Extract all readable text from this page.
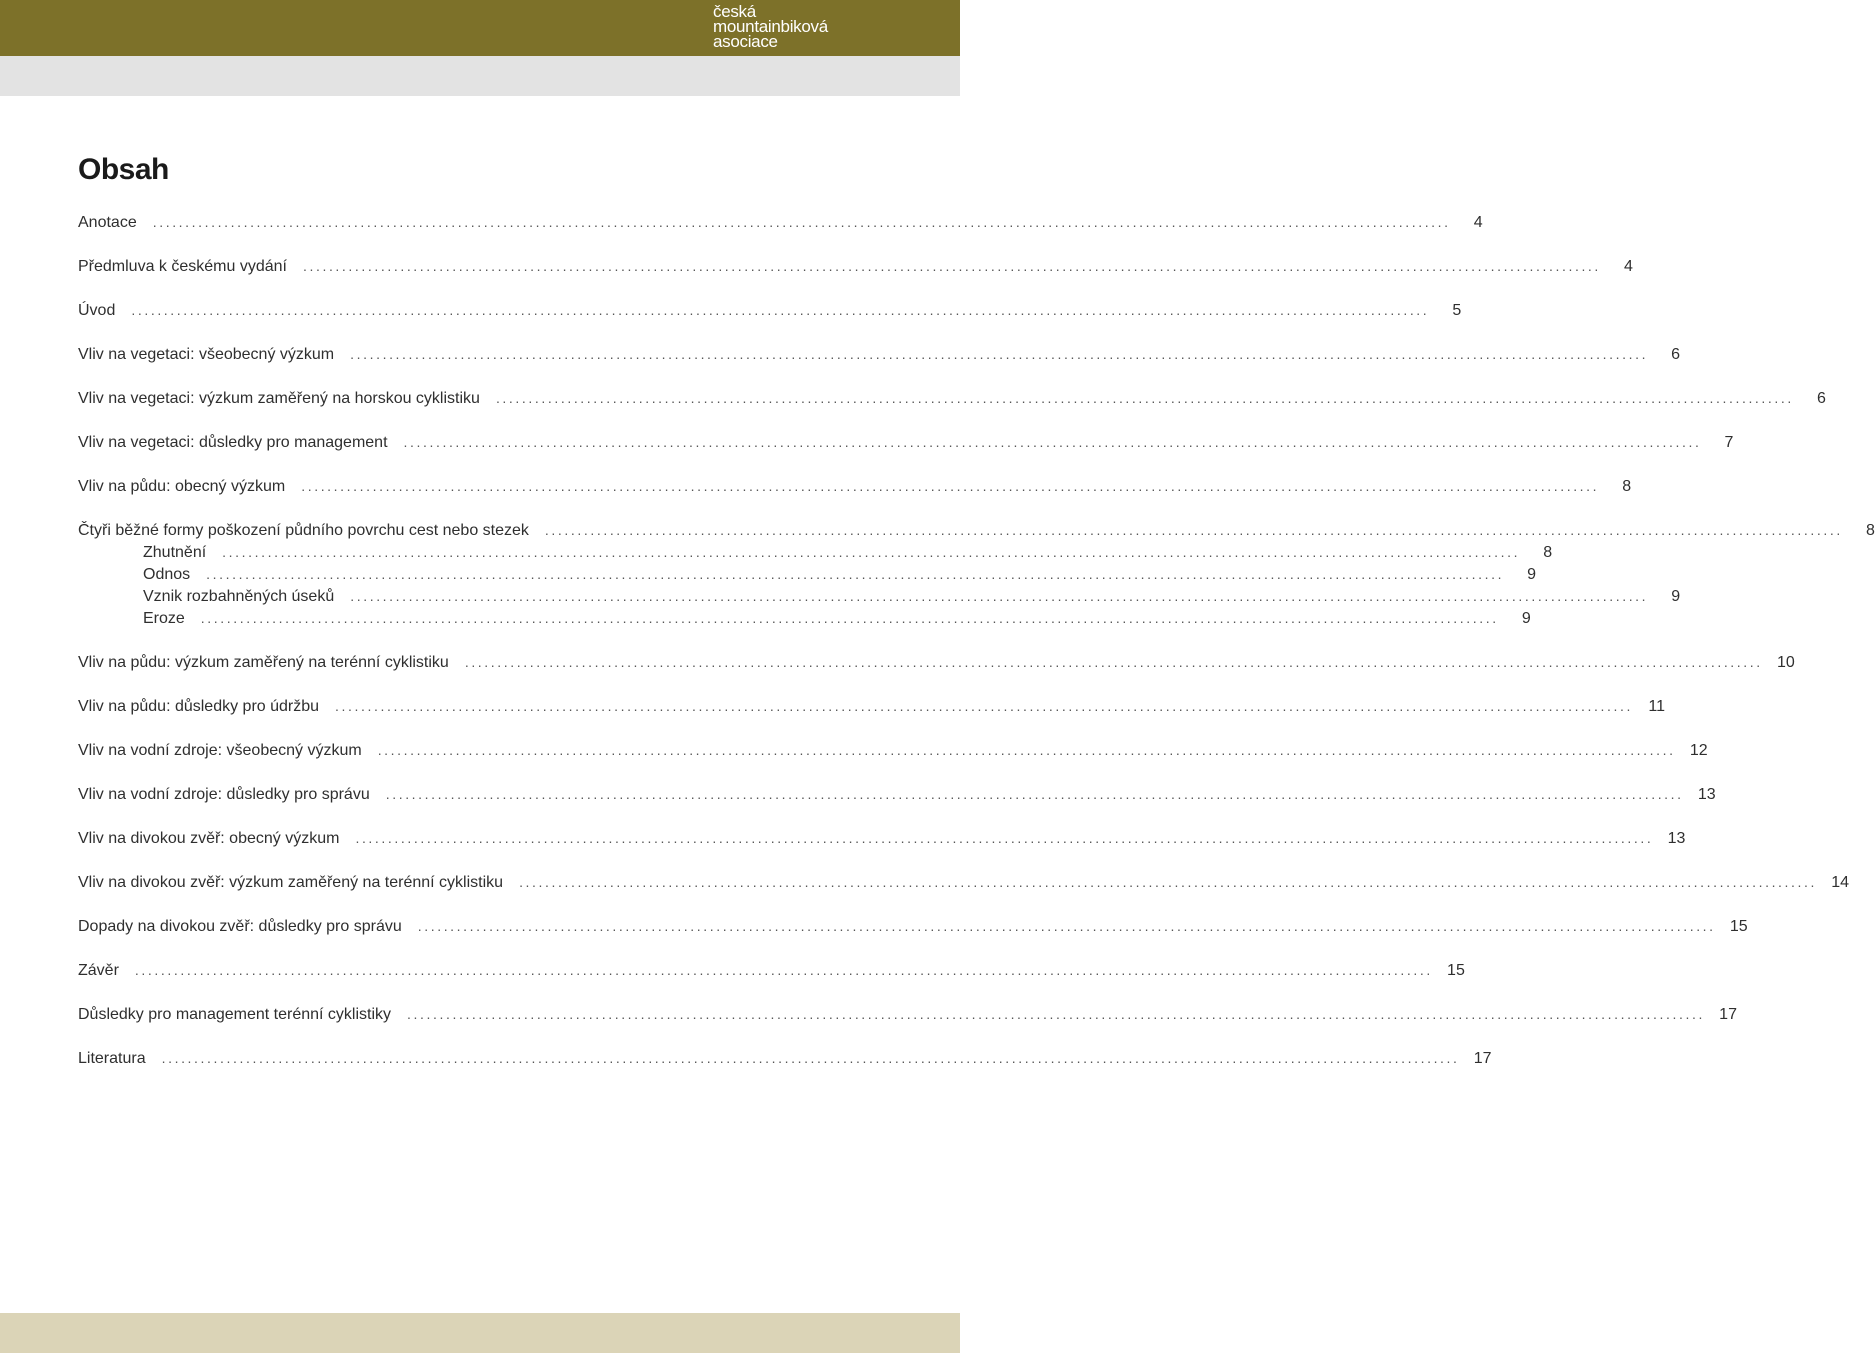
česká
mountainbiková
asociace
Obsah
Anotace	........................................................................................................................................................................................................	4
Předmluva k českému vydání	........................................................................................................................................................................................................	4
Úvod	........................................................................................................................................................................................................	5
Vliv na vegetaci: všeobecný výzkum	........................................................................................................................................................................................................	6
Vliv na vegetaci: výzkum zaměřený na horskou cyklistiku	........................................................................................................................................................................................................	6
Vliv na vegetaci: důsledky pro management	........................................................................................................................................................................................................	7
Vliv na půdu: obecný výzkum	........................................................................................................................................................................................................	8
Čtyři běžné formy poškození půdního povrchu cest nebo stezek	........................................................................................................................................................................................................	8
Zhutnění	........................................................................................................................................................................................................	8
Odnos	........................................................................................................................................................................................................	9
Vznik rozbahněných úseků	........................................................................................................................................................................................................	9
Eroze	........................................................................................................................................................................................................	9
Vliv na půdu: výzkum zaměřený na terénní cyklistiku	........................................................................................................................................................................................................ 10
Vliv na půdu: důsledky pro údržbu	........................................................................................................................................................................................................ 11
Vliv na vodní zdroje: všeobecný výzkum	........................................................................................................................................................................................................ 12
Vliv na vodní zdroje: důsledky pro správu	........................................................................................................................................................................................................ 13
Vliv na divokou zvěř: obecný výzkum	........................................................................................................................................................................................................ 13
Vliv na divokou zvěř: výzkum zaměřený na terénní cyklistiku	........................................................................................................................................................................................................ 14
Dopady na divokou zvěř: důsledky pro správu	........................................................................................................................................................................................................ 15
Závěr	........................................................................................................................................................................................................ 15
Důsledky pro management terénní cyklistiky	........................................................................................................................................................................................................ 17
Literatura	........................................................................................................................................................................................................ 17
